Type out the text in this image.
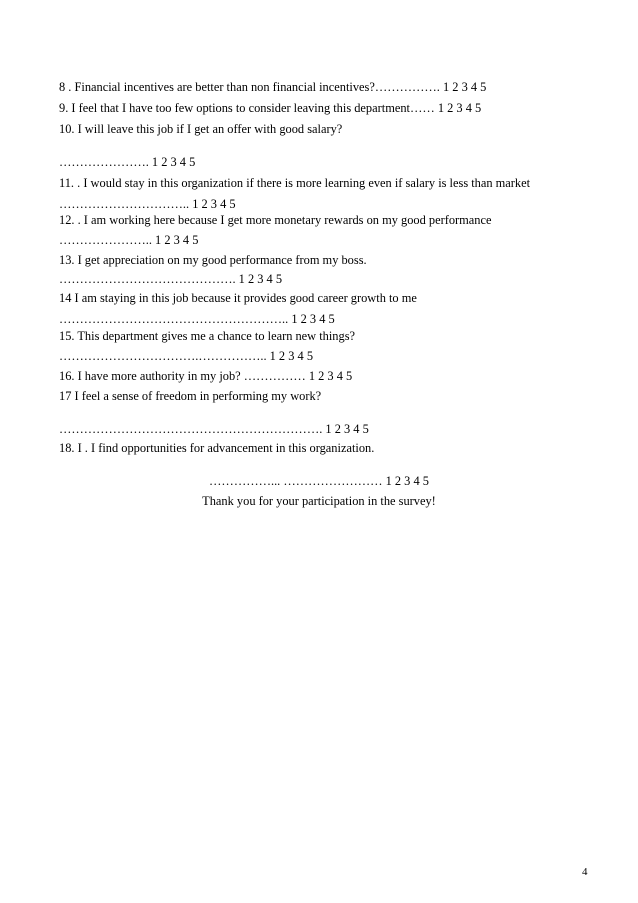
8 . Financial incentives are better than non financial incentives?……………. 1 2 3 4 5
9. I feel that I have too few options to consider leaving this department…… 1 2 3 4 5
10. I will leave this job if I get an offer with good salary?
…………………. 1 2 3 4 5
11. . I would stay in this organization if there is more learning even if salary is less than market
………………………….. 1 2 3 4 5
12. . I am working here because I get more monetary rewards on my good performance
………………….. 1 2 3 4 5
13. I get appreciation on my good performance from my boss.
……………………………………. 1 2 3 4 5
14 I am staying in this job because it provides good career growth to me
……………………………………………….. 1 2 3 4 5
15. This department gives me a chance to learn new things?
…………………………….…………….. 1 2 3 4 5
16. I have more authority in my job? …………… 1 2 3 4 5
17 I feel a sense of freedom in performing my work?
………………………………………………………. 1 2 3 4 5
18. I . I find opportunities for advancement in this organization.
……………... …………………… 1 2 3 4 5
Thank you for your participation in the survey!
4
